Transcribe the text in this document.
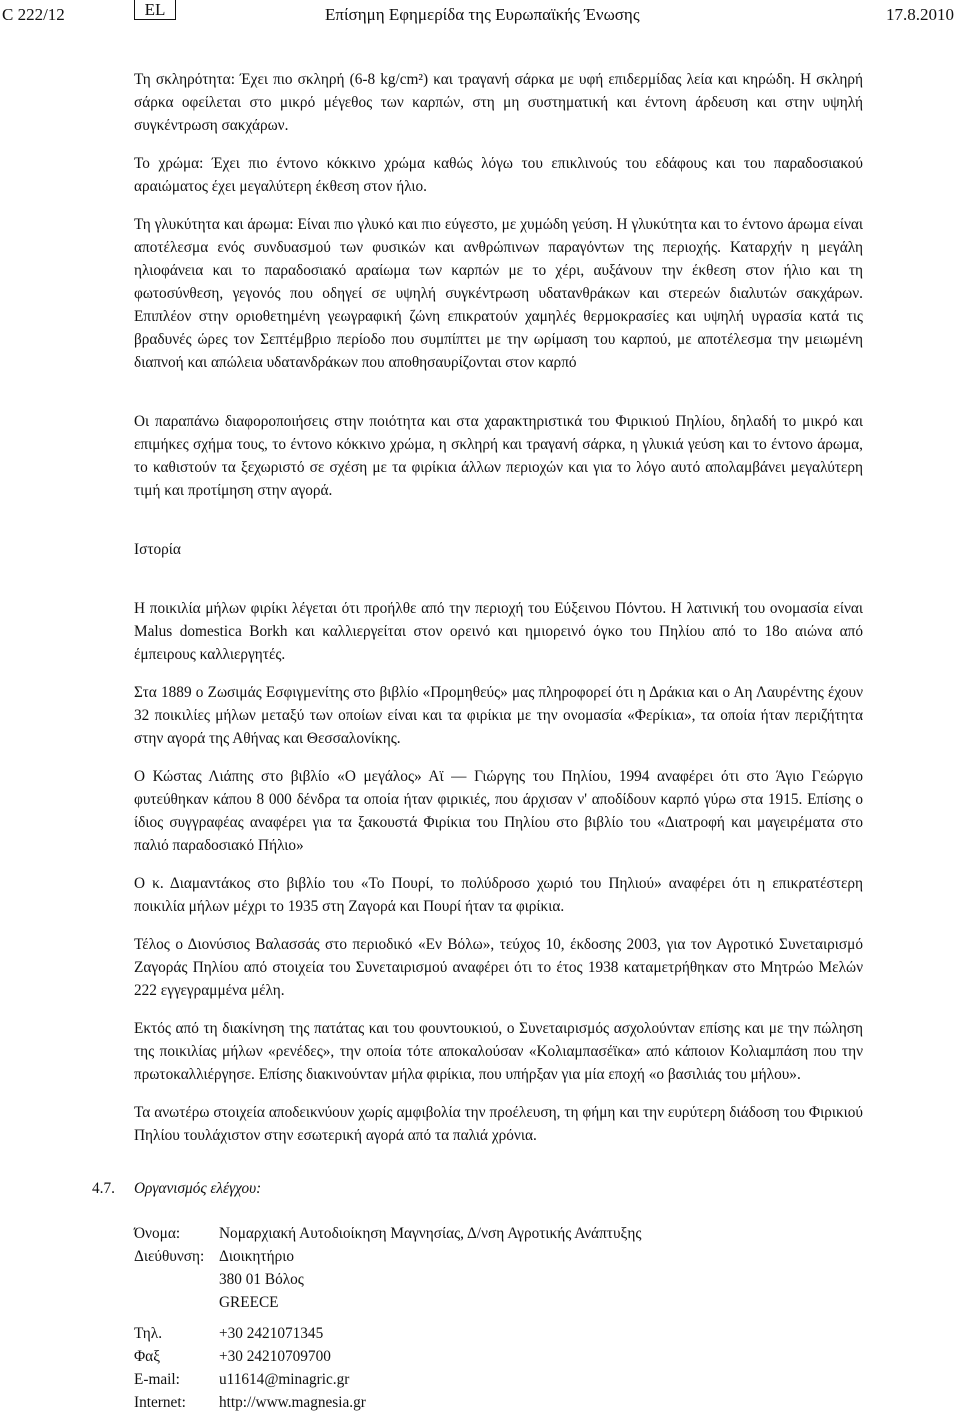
C 222/12	EL	Επίσημη Εφημερίδα της Ευρωπαϊκής Ένωσης	17.8.2010

Τη σκληρότητα: Έχει πιο σκληρή (6-8 kg/cm²) και τραγανή σάρκα με υφή επιδερμίδας λεία και κηρώδη. Η σκληρή σάρκα οφείλεται στο μικρό μέγεθος των καρπών, στη μη συστηματική και έντονη άρδευση και στην υψηλή συγκέντρωση σακχάρων.

Το χρώμα: Έχει πιο έντονο κόκκινο χρώμα καθώς λόγω του επικλινούς του εδάφους και του παραδοσιακού αραιώματος έχει μεγαλύτερη έκθεση στον ήλιο.

Τη γλυκύτητα και άρωμα: Είναι πιο γλυκό και πιο εύγεστο, με χυμώδη γεύση. Η γλυκύτητα και το έντονο άρωμα είναι αποτέλεσμα ενός συνδυασμού των φυσικών και ανθρώπινων παραγόντων της περιοχής. Καταρχήν η μεγάλη ηλιοφάνεια και το παραδοσιακό αραίωμα των καρπών με το χέρι, αυξάνουν την έκθεση στον ήλιο και τη φωτοσύνθεση, γεγονός που οδηγεί σε υψηλή συγκέντρωση υδατανθράκων και στερεών διαλυτών σακχάρων. Επιπλέον στην οριοθετημένη γεωγραφική ζώνη επικρατούν χαμηλές θερμοκρασίες και υψηλή υγρασία κατά τις βραδυνές ώρες τον Σεπτέμβριο περίοδο που συμπίπτει με την ωρίμαση του καρπού, με αποτέλεσμα την μειωμένη διαπνοή και απώλεια υδατανδράκων που αποθησαυρίζονται στον καρπό

Οι παραπάνω διαφοροποιήσεις στην ποιότητα και στα χαρακτηριστικά του Φιρικιού Πηλίου, δηλαδή το μικρό και επιμήκες σχήμα τους, το έντονο κόκκινο χρώμα, η σκληρή και τραγανή σάρκα, η γλυκιά γεύση και το έντονο άρωμα, το καθιστούν τα ξεχωριστό σε σχέση με τα φιρίκια άλλων περιοχών και για το λόγο αυτό απολαμβάνει μεγαλύτερη τιμή και προτίμηση στην αγορά.

Ιστορία

Η ποικιλία μήλων φιρίκι λέγεται ότι προήλθε από την περιοχή του Εύξεινου Πόντου. Η λατινική του ονομασία είναι Malus domestica Borkh και καλλιεργείται στον ορεινό και ημιορεινό όγκο του Πηλίου από το 18ο αιώνα από έμπειρους καλλιεργητές.

Στα 1889 ο Ζωσιμάς Εσφιγμενίτης στο βιβλίο «Προμηθεύς» μας πληροφορεί ότι η Δράκια και ο Αη Λαυρέντης έχουν 32 ποικιλίες μήλων μεταξύ των οποίων είναι και τα φιρίκια με την ονομασία «Φερίκια», τα οποία ήταν περιζήτητα στην αγορά της Αθήνας και Θεσσαλονίκης.

Ο Κώστας Λιάπης στο βιβλίο «Ο μεγάλος» Αϊ — Γιώργης του Πηλίου, 1994 αναφέρει ότι στο Άγιο Γεώργιο φυτεύθηκαν κάπου 8 000 δένδρα τα οποία ήταν φιρικιές, που άρχισαν ν' αποδίδουν καρπό γύρω στα 1915. Επίσης ο ίδιος συγγραφέας αναφέρει για τα ξακουστά Φιρίκια του Πηλίου στο βιβλίο του «Διατροφή και μαγειρέματα στο παλιό παραδοσιακό Πήλιο»

Ο κ. Διαμαντάκος στο βιβλίο του «Το Πουρί, το πολύδροσο χωριό του Πηλιού» αναφέρει ότι η επικρατέστερη ποικιλία μήλων μέχρι το 1935 στη Ζαγορά και Πουρί ήταν τα φιρίκια.

Τέλος ο Διονύσιος Βαλασσάς στο περιοδικό «Εν Βόλω», τεύχος 10, έκδοσης 2003, για τον Αγροτικό Συνεταιρισμό Ζαγοράς Πηλίου από στοιχεία του Συνεταιρισμού αναφέρει ότι το έτος 1938 καταμετρήθηκαν στο Μητρώο Μελών 222 εγγεγραμμένα μέλη.

Εκτός από τη διακίνηση της πατάτας και του φουντουκιού, ο Συνεταιρισμός ασχολούνταν επίσης και με την πώληση της ποικιλίας μήλων «ρενέδες», την οποία τότε αποκαλούσαν «Κολιαμπασέϊκα» από κάποιον Κολιαμπάση που την πρωτοκαλλιέργησε. Επίσης διακινούνταν μήλα φιρίκια, που υπήρξαν για μία εποχή «ο βασιλιάς του μήλου».

Τα ανωτέρω στοιχεία αποδεικνύουν χωρίς αμφιβολία την προέλευση, τη φήμη και την ευρύτερη διάδοση του Φιρικιού Πηλίου τουλάχιστον στην εσωτερική αγορά από τα παλιά χρόνια.

4.7. Οργανισμός ελέγχου:
Όνομα:	Νομαρχιακή Αυτοδιοίκηση Μαγνησίας, Δ/νση Αγροτικής Ανάπτυξης
Διεύθυνση: Διοικητήριο
380 01 Βόλος
GREECE
Τηλ.	+30 2421071345
Φαξ	+30 24210709700
E-mail:	u11614@minagric.gr
Internet:	http://www.magnesia.gr
